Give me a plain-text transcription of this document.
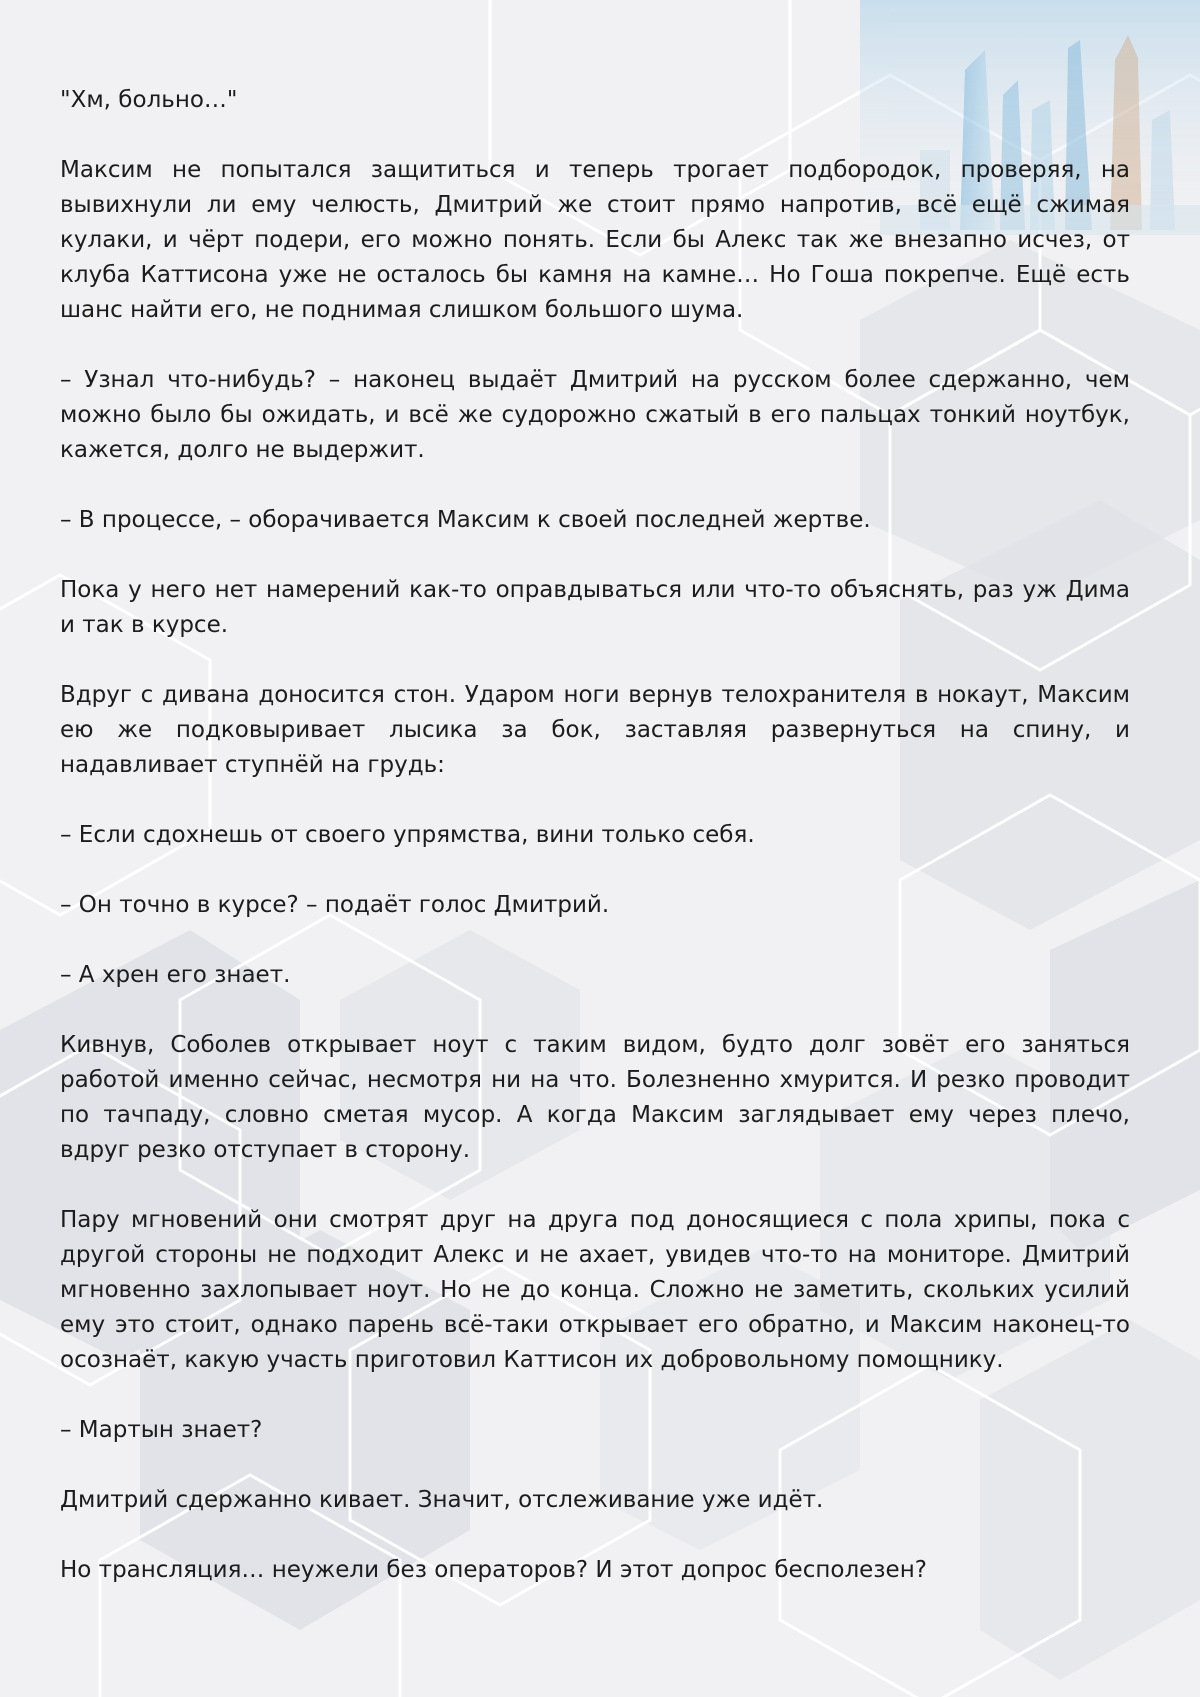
"Хм, больно…"

Максим не попытался защититься и теперь трогает подбородок, проверяя, на вывихнули ли ему челюсть, Дмитрий же стоит прямо напротив, всё ещё сжимая кулаки, и чёрт подери, его можно понять. Если бы Алекс так же внезапно исчез, от клуба Каттисона уже не осталось бы камня на камне… Но Гоша покрепче. Ещё есть шанс найти его, не поднимая слишком большого шума.

– Узнал что-нибудь? – наконец выдаёт Дмитрий на русском более сдержанно, чем можно было бы ожидать, и всё же судорожно сжатый в его пальцах тонкий ноутбук, кажется, долго не выдержит.

– В процессе, – оборачивается Максим к своей последней жертве.

Пока у него нет намерений как-то оправдываться или что-то объяснять, раз уж Дима и так в курсе.

Вдруг с дивана доносится стон. Ударом ноги вернув телохранителя в нокаут, Максим ею же подковыривает лысика за бок, заставляя развернуться на спину, и надавливает ступнёй на грудь:

– Если сдохнешь от своего упрямства, вини только себя.

– Он точно в курсе? – подаёт голос Дмитрий.

– А хрен его знает.

Кивнув, Соболев открывает ноут с таким видом, будто долг зовёт его заняться работой именно сейчас, несмотря ни на что. Болезненно хмурится. И резко проводит по тачпаду, словно сметая мусор. А когда Максим заглядывает ему через плечо, вдруг резко отступает в сторону.

Пару мгновений они смотрят друг на друга под доносящиеся с пола хрипы, пока с другой стороны не подходит Алекс и не ахает, увидев что-то на мониторе. Дмитрий мгновенно захлопывает ноут. Но не до конца. Сложно не заметить, скольких усилий ему это стоит, однако парень всё-таки открывает его обратно, и Максим наконец-то осознаёт, какую участь приготовил Каттисон их добровольному помощнику.

– Мартын знает?

Дмитрий сдержанно кивает. Значит, отслеживание уже идёт.

Но трансляция… неужели без операторов? И этот допрос бесполезен?
